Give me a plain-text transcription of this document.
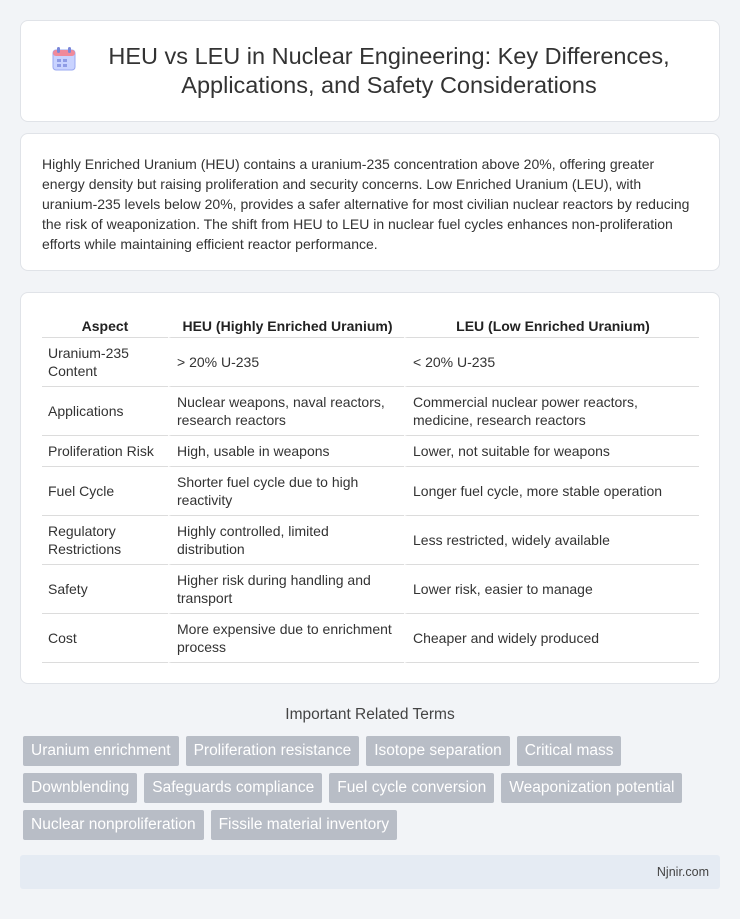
HEU vs LEU in Nuclear Engineering: Key Differences, Applications, and Safety Considerations

Highly Enriched Uranium (HEU) contains a uranium-235 concentration above 20%, offering greater energy density but raising proliferation and security concerns. Low Enriched Uranium (LEU), with uranium-235 levels below 20%, provides a safer alternative for most civilian nuclear reactors by reducing the risk of weaponization. The shift from HEU to LEU in nuclear fuel cycles enhances non-proliferation efforts while maintaining efficient reactor performance.

Aspect	HEU (Highly Enriched Uranium)	LEU (Low Enriched Uranium)
Uranium-235 Content	> 20% U-235	< 20% U-235
Applications	Nuclear weapons, naval reactors, research reactors	Commercial nuclear power reactors, medicine, research reactors
Proliferation Risk	High, usable in weapons	Lower, not suitable for weapons
Fuel Cycle	Shorter fuel cycle due to high reactivity	Longer fuel cycle, more stable operation
Regulatory Restrictions	Highly controlled, limited distribution	Less restricted, widely available
Safety	Higher risk during handling and transport	Lower risk, easier to manage
Cost	More expensive due to enrichment process	Cheaper and widely produced
Important Related Terms
Uranium enrichment	Proliferation resistance	Isotope separation	Critical mass
Downblending	Safeguards compliance	Fuel cycle conversion	Weaponization potential
Nuclear nonproliferation	Fissile material inventory
Njnir.com
